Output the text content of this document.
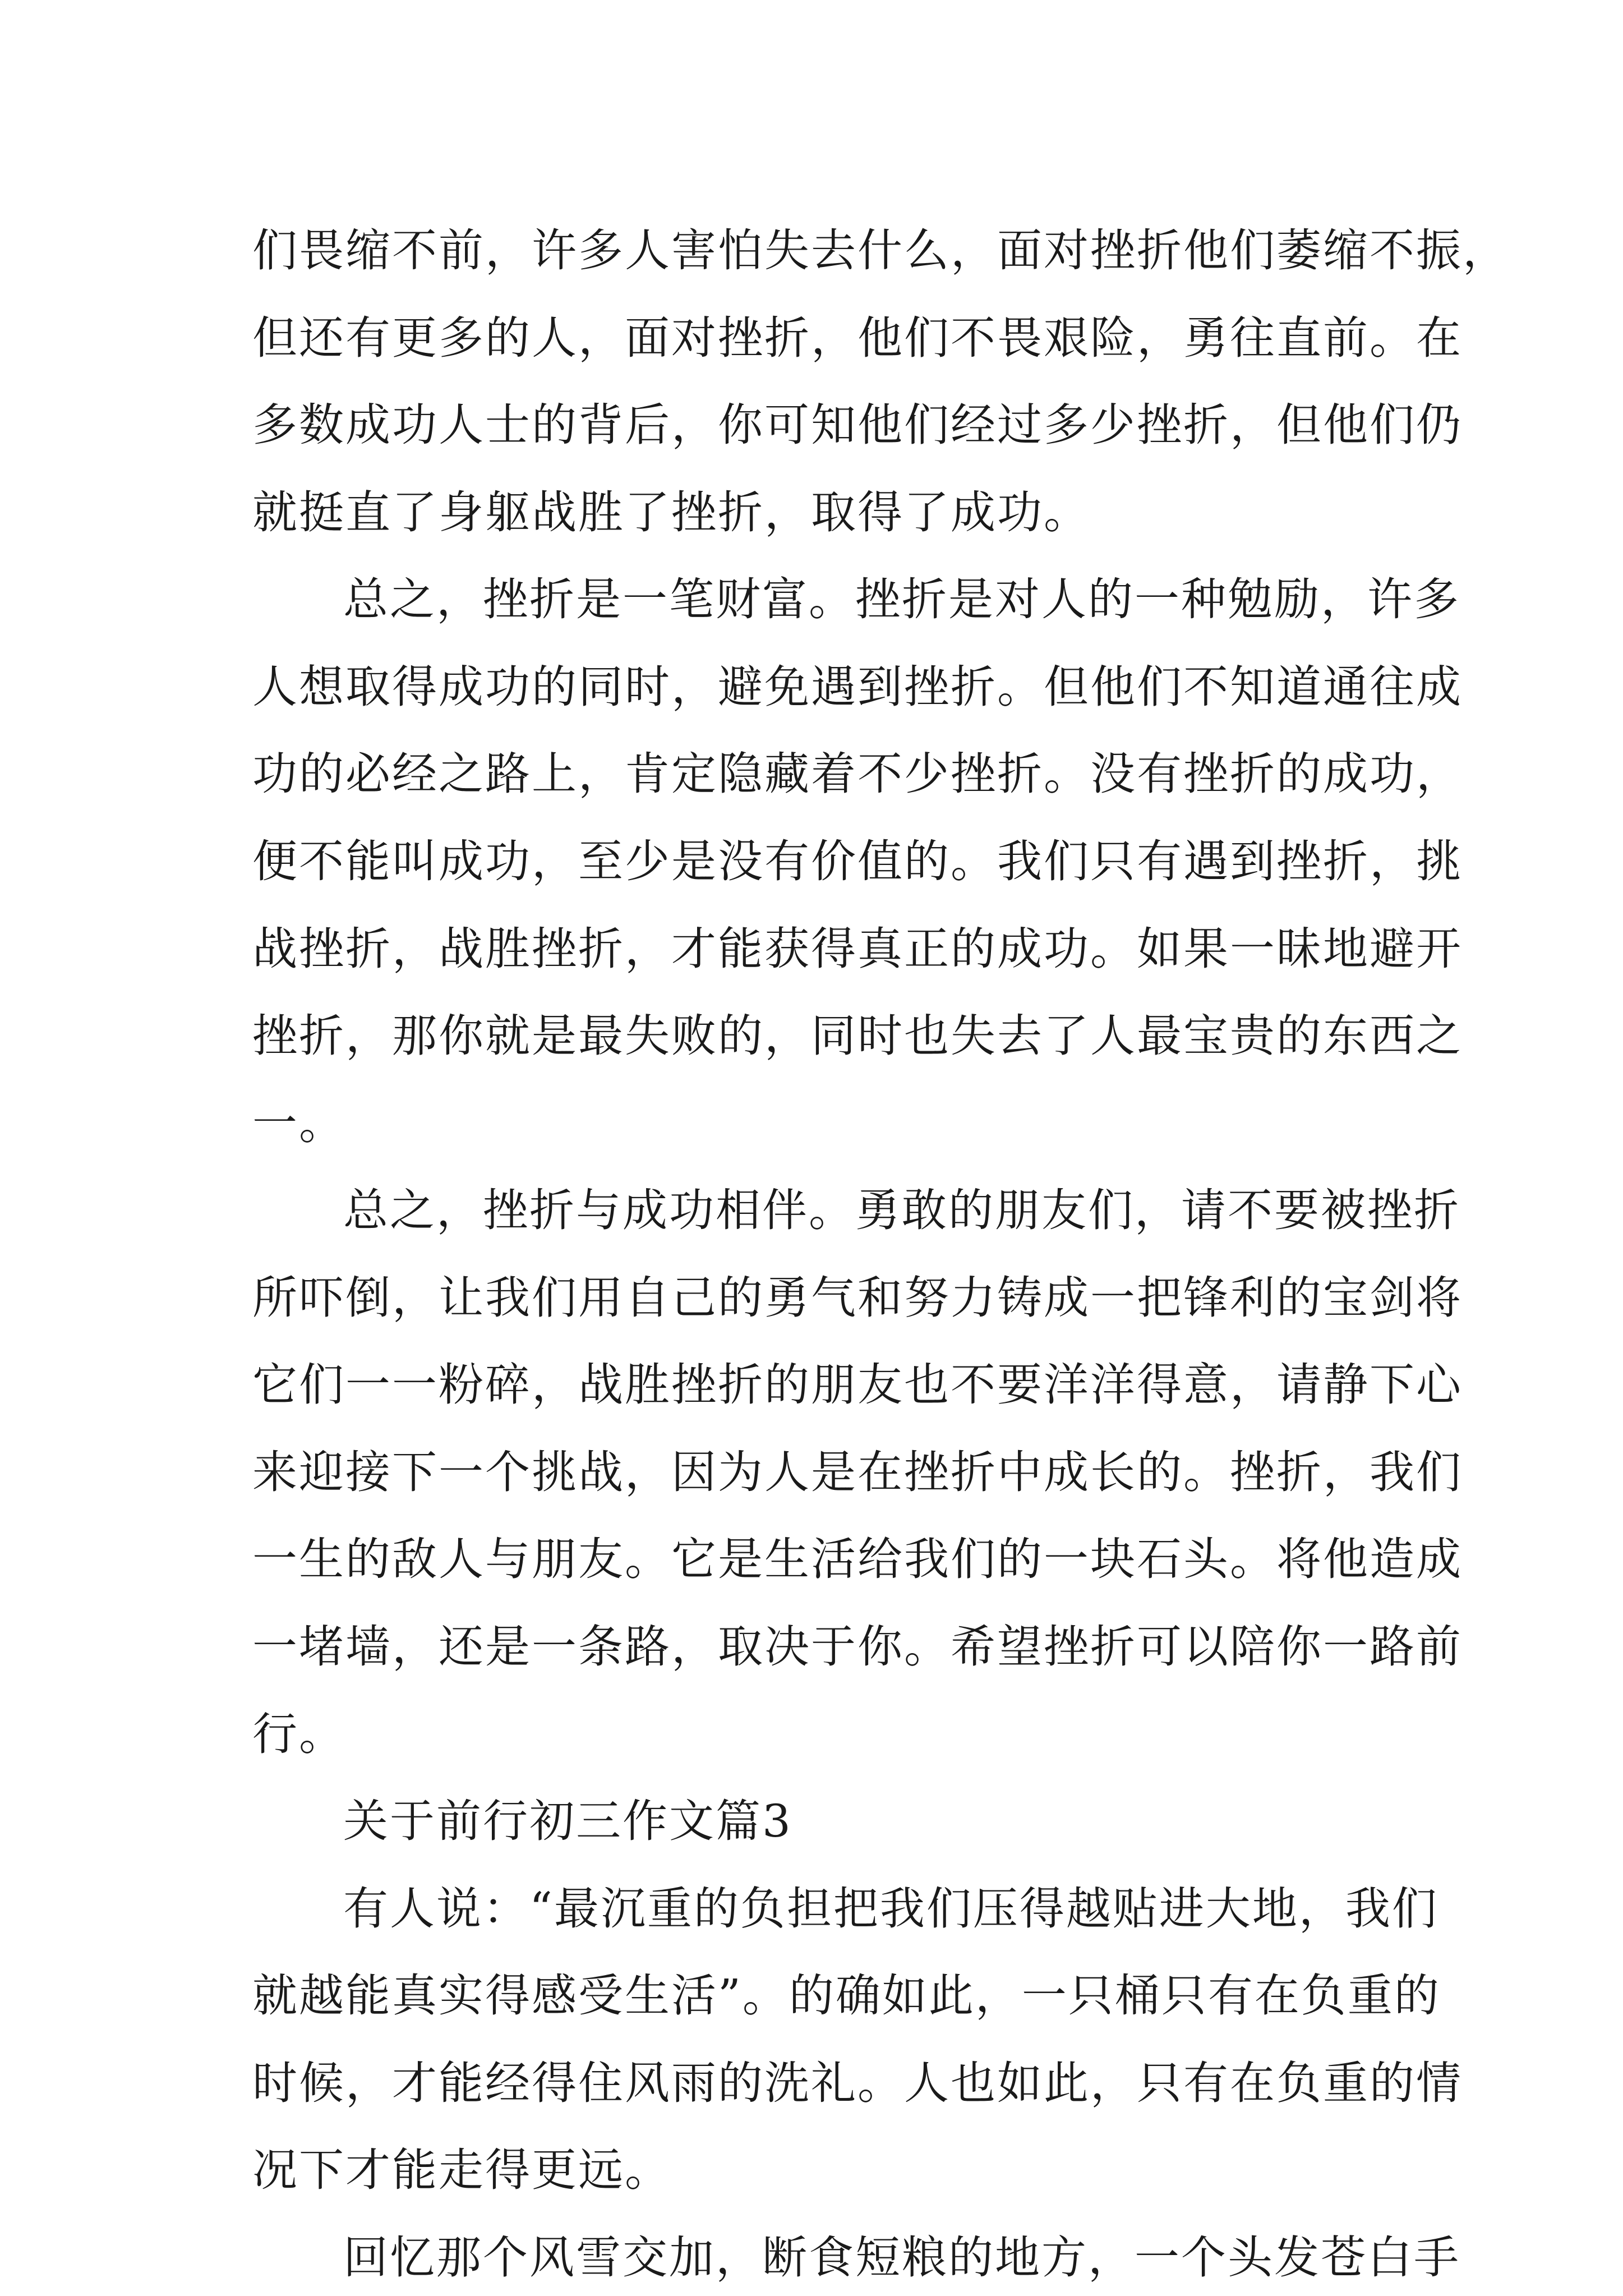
们畏缩不前，许多人害怕失去什么，面对挫折他们萎缩不振，

但还有更多的人，面对挫折，他们不畏艰险，勇往直前。在

多数成功人士的背后，你可知他们经过多少挫折，但他们仍

就挺直了身躯战胜了挫折，取得了成功。

总之，挫折是一笔财富。挫折是对人的一种勉励，许多

人想取得成功的同时，避免遇到挫折。但他们不知道通往成

功的必经之路上，肯定隐藏着不少挫折。没有挫折的成功，

便不能叫成功，至少是没有价值的。我们只有遇到挫折，挑

战挫折，战胜挫折，才能获得真正的成功。如果一昧地避开

挫折，那你就是最失败的，同时也失去了人最宝贵的东西之

一。

总之，挫折与成功相伴。勇敢的朋友们，请不要被挫折

所吓倒，让我们用自己的勇气和努力铸成一把锋利的宝剑将

它们一一粉碎，战胜挫折的朋友也不要洋洋得意，请静下心

来迎接下一个挑战，因为人是在挫折中成长的。挫折，我们

一生的敌人与朋友。它是生活给我们的一块石头。将他造成

一堵墙，还是一条路，取决于你。希望挫折可以陪你一路前

行。

关于前行初三作文篇3

有人说：“最沉重的负担把我们压得越贴进大地，我们

就越能真实得感受生活”。的确如此，一只桶只有在负重的

时候，才能经得住风雨的洗礼。人也如此，只有在负重的情

况下才能走得更远。

回忆那个风雪交加，断食短粮的地方，一个头发苍白手
